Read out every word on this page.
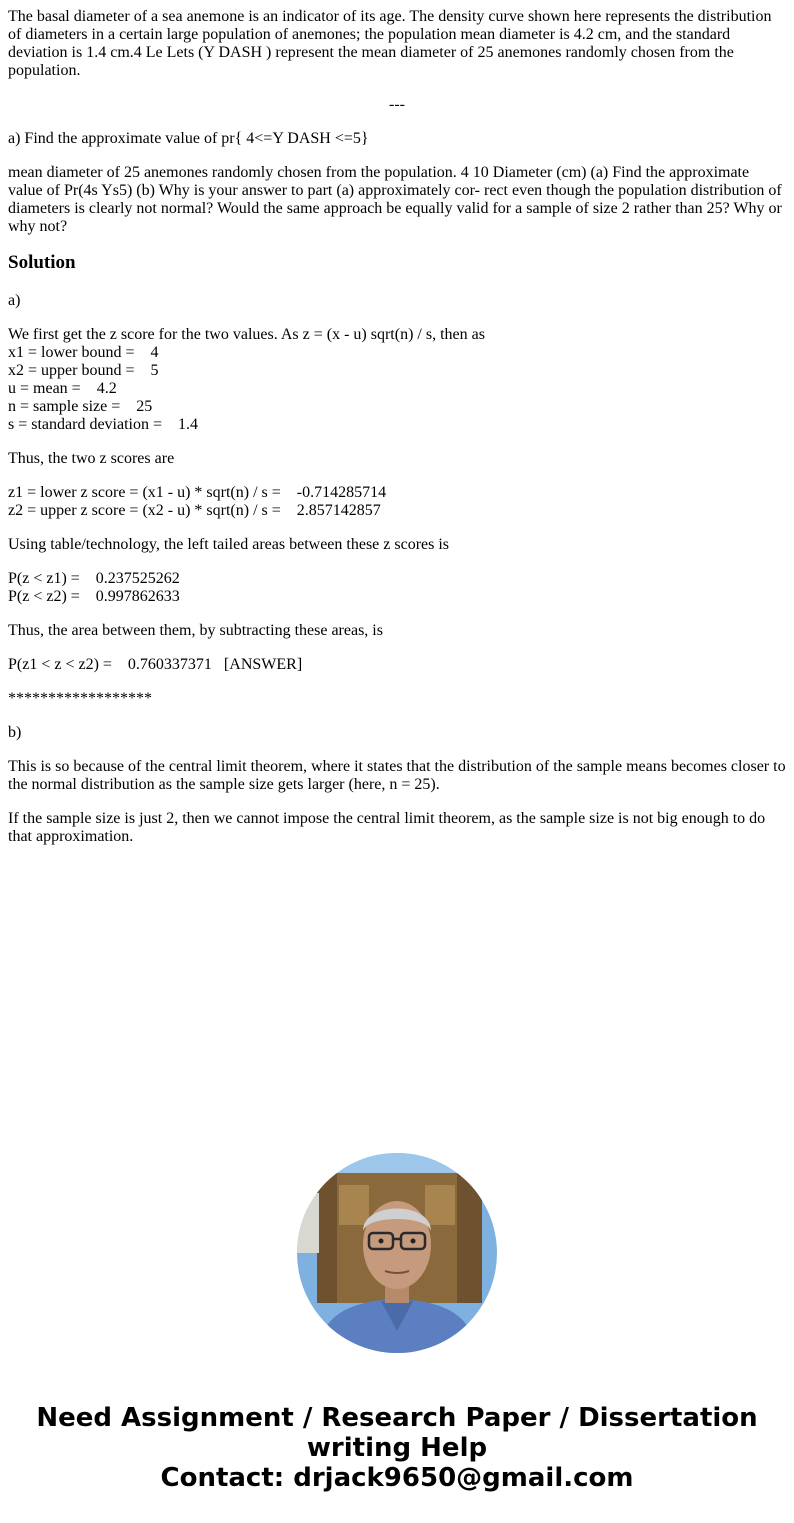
The basal diameter of a sea anemone is an indicator of its age. The density curve shown here represents the distribution of diameters in a certain large population of anemones; the population mean diameter is 4.2 cm, and the standard deviation is 1.4 cm.4 Le Lets (Y DASH ) represent the mean diameter of 25 anemones randomly chosen from the population.

---

a) Find the approximate value of pr{ 4<=Y DASH <=5}

mean diameter of 25 anemones randomly chosen from the population. 4 10 Diameter (cm) (a) Find the approximate value of Pr(4s Ys5) (b) Why is your answer to part (a) approximately cor- rect even though the population distribution of diameters is clearly not normal? Would the same approach be equally valid for a sample of size 2 rather than 25? Why or why not?

Solution

a)

We first get the z score for the two values. As z = (x - u) sqrt(n) / s, then as
x1 = lower bound =    4
x2 = upper bound =    5
u = mean =    4.2
n = sample size =    25
s = standard deviation =    1.4

Thus, the two z scores are

z1 = lower z score = (x1 - u) * sqrt(n) / s =    -0.714285714
z2 = upper z score = (x2 - u) * sqrt(n) / s =    2.857142857

Using table/technology, the left tailed areas between these z scores is

P(z < z1) =    0.237525262
P(z < z2) =    0.997862633

Thus, the area between them, by subtracting these areas, is

P(z1 < z < z2) =    0.760337371   [ANSWER]

******************

b)

This is so because of the central limit theorem, where it states that the distribution of the sample means becomes closer to the normal distribution as the sample size gets larger (here, n = 25).

If the sample size is just 2, then we cannot impose the central limit theorem, as the sample size is not big enough to do that approximation.

Need Assignment / Research Paper / Dissertation
writing Help
Contact: drjack9650@gmail.com
